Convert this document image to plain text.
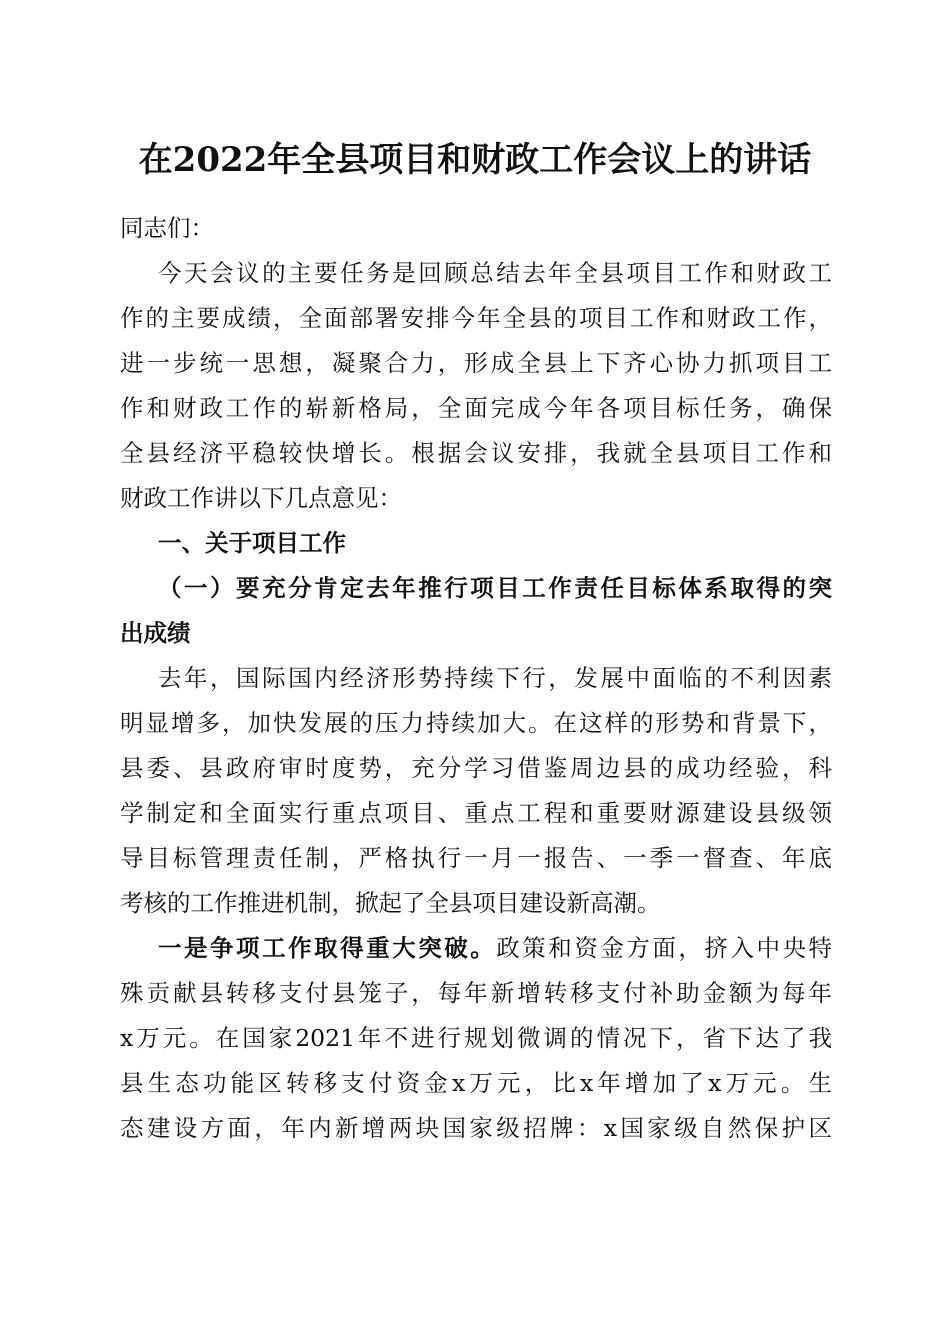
在2022年全县项目和财政工作会议上的讲话
同志们：
今天会议的主要任务是回顾总结去年全县项目工作和财政工
作的主要成绩，全面部署安排今年全县的项目工作和财政工作，
进一步统一思想，凝聚合力，形成全县上下齐心协力抓项目工
作和财政工作的崭新格局，全面完成今年各项目标任务，确保
全县经济平稳较快增长。根据会议安排，我就全县项目工作和
财政工作讲以下几点意见：
一、关于项目工作
（一）要充分肯定去年推行项目工作责任目标体系取得的突
出成绩
去年，国际国内经济形势持续下行，发展中面临的不利因素
明显增多，加快发展的压力持续加大。在这样的形势和背景下，
县委、县政府审时度势，充分学习借鉴周边县的成功经验，科
学制定和全面实行重点项目、重点工程和重要财源建设县级领
导目标管理责任制，严格执行一月一报告、一季一督查、年底
考核的工作推进机制，掀起了全县项目建设新高潮。
一是争项工作取得重大突破。政策和资金方面，挤入中央特
殊贡献县转移支付县笼子，每年新增转移支付补助金额为每年
x万元。在国家2021年不进行规划微调的情况下，省下达了我
县生态功能区转移支付资金x万元，比x年增加了x万元。生
态建设方面，年内新增两块国家级招牌：x国家级自然保护区
